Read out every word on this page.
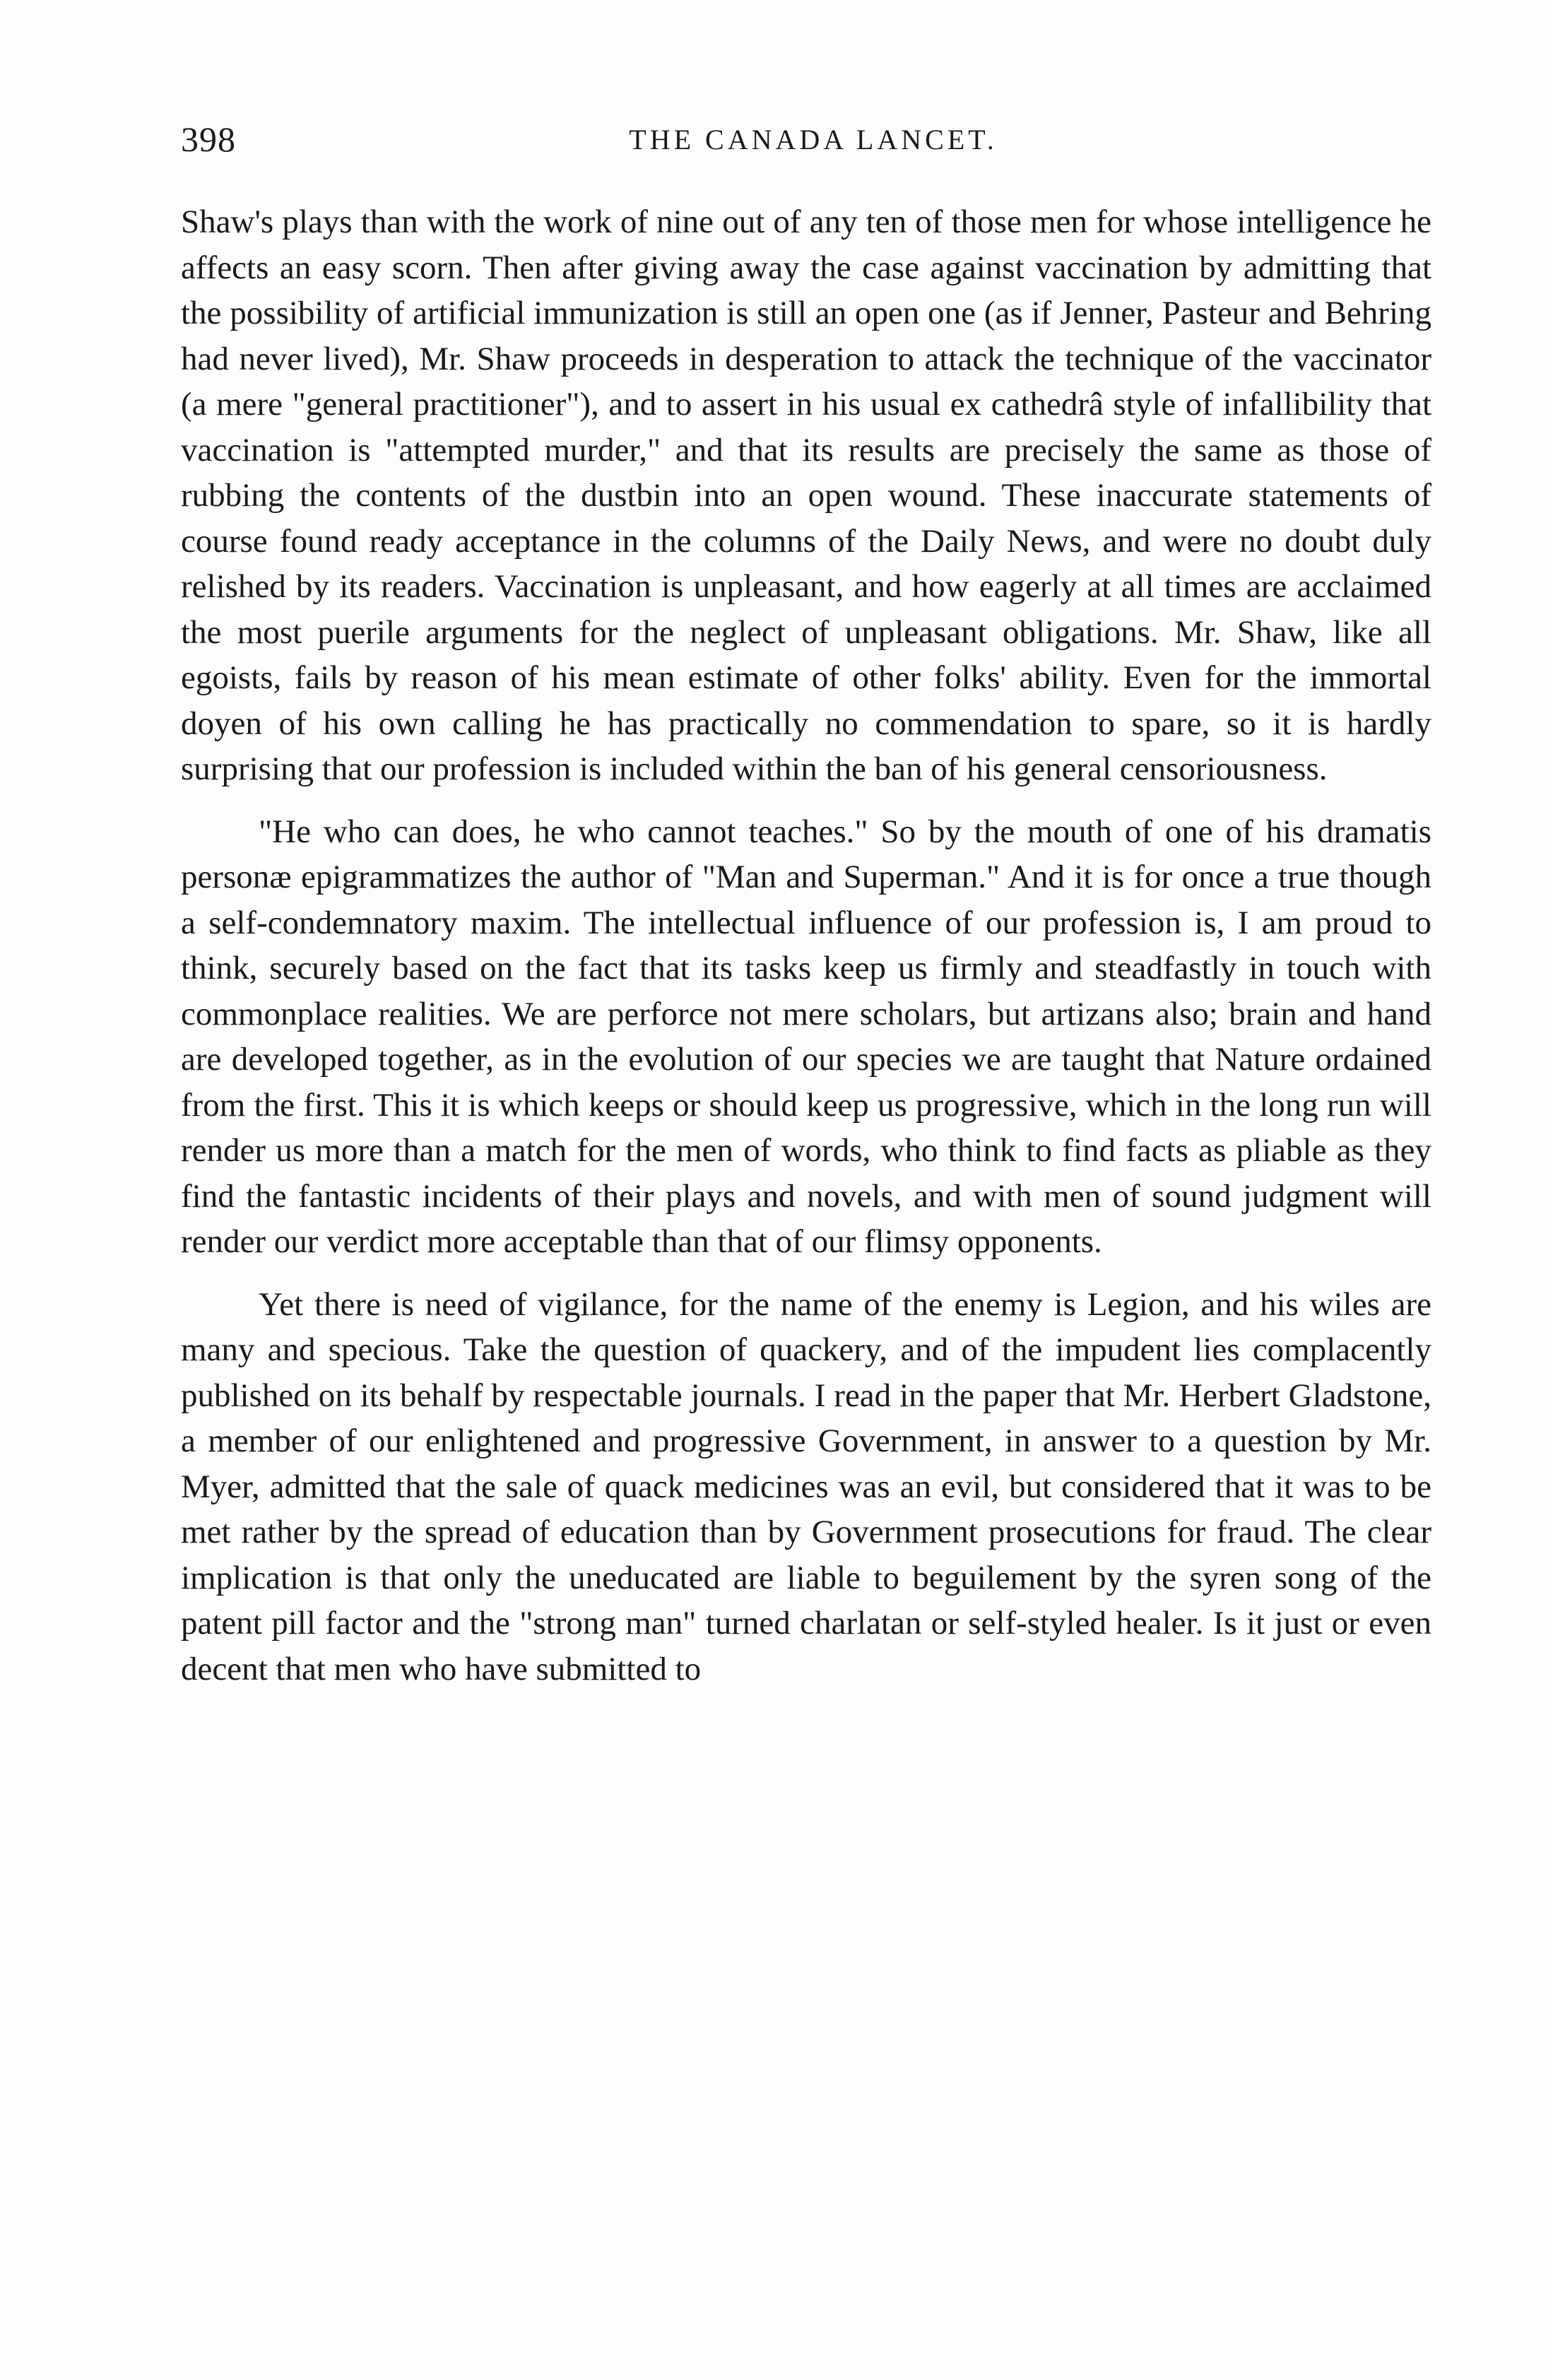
398	THE CANADA LANCET.

Shaw's plays than with the work of nine out of any ten of those men for whose intelligence he affects an easy scorn. Then after giving away the case against vaccination by admitting that the possibility of artificial immunization is still an open one (as if Jenner, Pasteur and Behring had never lived), Mr. Shaw proceeds in desperation to attack the technique of the vaccinator (a mere "general practitioner"), and to assert in his usual ex cathedrâ style of infallibility that vaccination is "attempted murder," and that its results are precisely the same as those of rubbing the contents of the dustbin into an open wound. These inaccurate statements of course found ready acceptance in the columns of the Daily News, and were no doubt duly relished by its readers. Vaccination is unpleasant, and how eagerly at all times are acclaimed the most puerile arguments for the neglect of unpleasant obligations. Mr. Shaw, like all egoists, fails by reason of his mean estimate of other folks' ability. Even for the immortal doyen of his own calling he has practically no commendation to spare, so it is hardly surprising that our profession is included within the ban of his general censoriousness.

"He who can does, he who cannot teaches." So by the mouth of one of his dramatis personæ epigrammatizes the author of "Man and Superman." And it is for once a true though a self-condemnatory maxim. The intellectual influence of our profession is, I am proud to think, securely based on the fact that its tasks keep us firmly and steadfastly in touch with commonplace realities. We are perforce not mere scholars, but artizans also; brain and hand are developed together, as in the evolution of our species we are taught that Nature ordained from the first. This it is which keeps or should keep us progressive, which in the long run will render us more than a match for the men of words, who think to find facts as pliable as they find the fantastic incidents of their plays and novels, and with men of sound judgment will render our verdict more acceptable than that of our flimsy opponents.

Yet there is need of vigilance, for the name of the enemy is Legion, and his wiles are many and specious. Take the question of quackery, and of the impudent lies complacently published on its behalf by respectable journals. I read in the paper that Mr. Herbert Gladstone, a member of our enlightened and progressive Government, in answer to a question by Mr. Myer, admitted that the sale of quack medicines was an evil, but considered that it was to be met rather by the spread of education than by Government prosecutions for fraud. The clear implication is that only the uneducated are liable to beguilement by the syren song of the patent pill factor and the "strong man" turned charlatan or self-styled healer. Is it just or even decent that men who have submitted to
